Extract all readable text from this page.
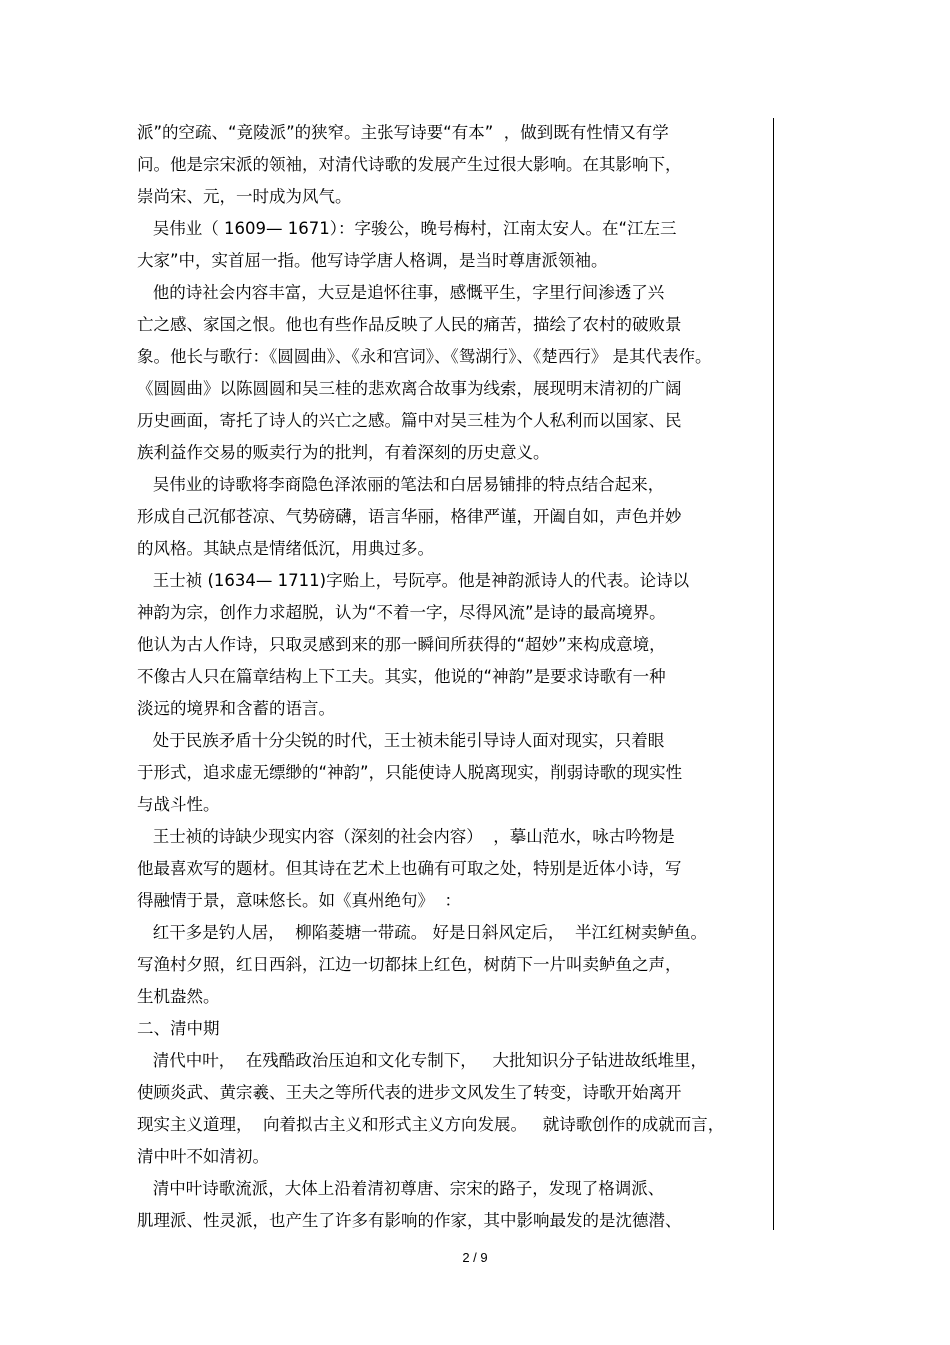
派”的空疏、“竟陵派”的狭窄。主张写诗要“有本”  ，做到既有性情又有学
问。他是宗宋派的领袖，对清代诗歌的发展产生过很大影响。在其影响下，
崇尚宋、元，一时成为风气。
吴伟业（ 1609— 1671）：字骏公，晚号梅村，江南太安人。在“江左三
大家”中，实首屈一指。他写诗学唐人格调，是当时尊唐派领袖。
他的诗社会内容丰富，大豆是追怀往事，感慨平生，字里行间渗透了兴
亡之感、家国之恨。他也有些作品反映了人民的痛苦，描绘了农村的破败景
象。他长与歌行：《圆圆曲》、《永和宫词》、《鸳湖行》、《楚西行》 是其代表作。
《圆圆曲》以陈圆圆和吴三桂的悲欢离合故事为线索，展现明末清初的广阔
历史画面，寄托了诗人的兴亡之感。篇中对吴三桂为个人私利而以国家、民
族利益作交易的贩卖行为的批判，有着深刻的历史意义。
吴伟业的诗歌将李商隐色泽浓丽的笔法和白居易铺排的特点结合起来，
形成自己沉郁苍凉、气势磅礴，语言华丽，格律严谨，开阖自如，声色并妙
的风格。其缺点是情绪低沉，用典过多。
王士祯 (1634— 1711)字贻上，号阮亭。他是神韵派诗人的代表。论诗以
神韵为宗，创作力求超脱，认为“不着一字，尽得风流”是诗的最高境界。
他认为古人作诗，只取灵感到来的那一瞬间所获得的“超妙”来构成意境，
不像古人只在篇章结构上下工夫。其实，他说的“神韵”是要求诗歌有一种
淡远的境界和含蓄的语言。
处于民族矛盾十分尖锐的时代，王士祯未能引导诗人面对现实，只着眼
于形式，追求虚无缥缈的“神韵”，只能使诗人脱离现实，削弱诗歌的现实性
与战斗性。
王士祯的诗缺少现实内容（深刻的社会内容）  ，摹山范水，咏古吟物是
他最喜欢写的题材。但其诗在艺术上也确有可取之处，特别是近体小诗，写
得融情于景，意味悠长。如《真州绝句》  ：
红干多是钓人居，  柳陷菱塘一带疏。 好是日斜风定后，  半江红树卖鲈鱼。
写渔村夕照，红日西斜，江边一切都抹上红色，树荫下一片叫卖鲈鱼之声，
生机盎然。
二、清中期
清代中叶，  在残酷政治压迫和文化专制下，   大批知识分子钻进故纸堆里，
使顾炎武、黄宗羲、王夫之等所代表的进步文风发生了转变，诗歌开始离开
现实主义道理，  向着拟古主义和形式主义方向发展。   就诗歌创作的成就而言，
清中叶不如清初。
清中叶诗歌流派，大体上沿着清初尊唐、宗宋的路子，发现了格调派、
肌理派、性灵派，也产生了许多有影响的作家，其中影响最发的是沈德潜、
2 / 9
